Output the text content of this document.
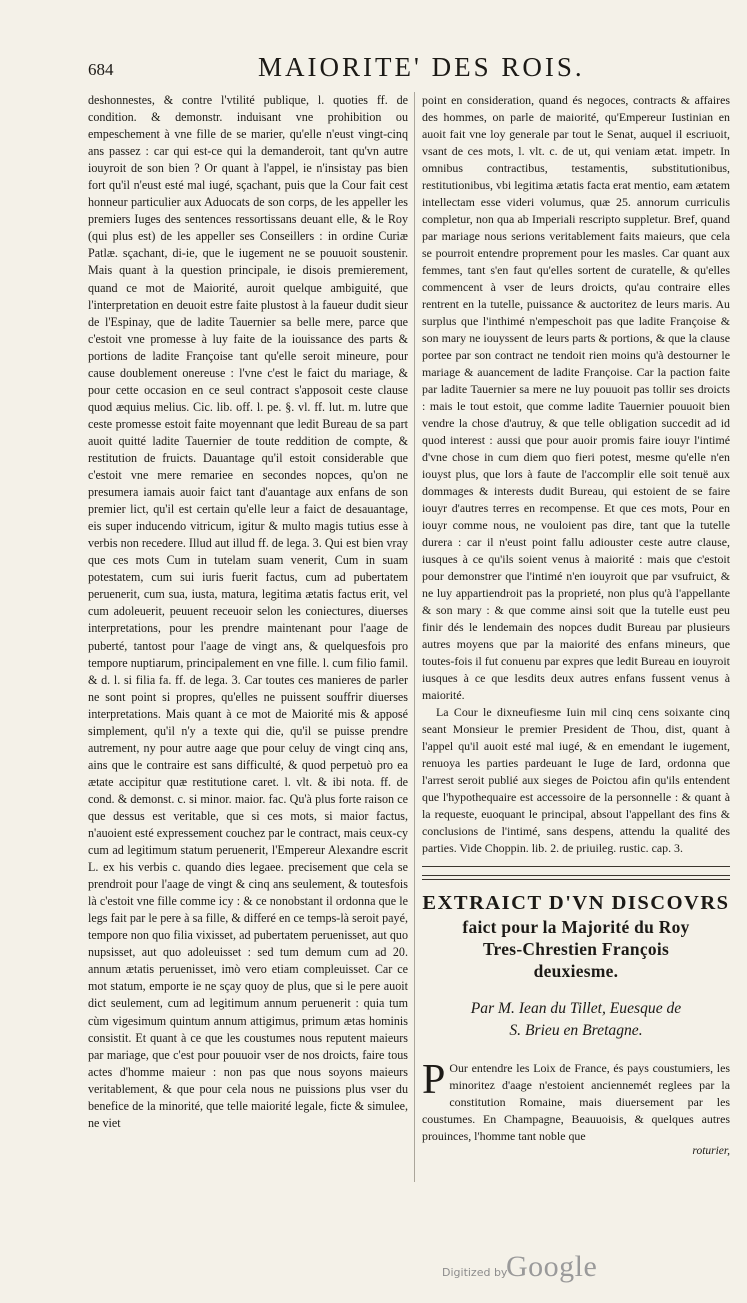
684	MAIORITE' DES ROIS.

deshonnestes, & contre l'vtilité publique, l. quoties ff. de condition. & demonstr. induisant vne prohibition ou empeschement à vne fille de se marier, qu'elle n'eust vingt-cinq ans passez : car qui est-ce qui la demanderoit, tant qu'vn autre iouyroit de son bien ? Or quant à l'appel, ie n'insistay pas bien fort qu'il n'eust esté mal iugé, sçachant, puis que la Cour fait cest honneur particulier aux Aduocats de son corps, de les appeller les premiers Iuges des sentences ressortissans deuant elle, & le Roy (qui plus est) de les appeller ses Conseillers : in ordine Curiæ Patlæ. sçachant, di-ie, que le iugement ne se pouuoit soustenir. Mais quant à la question principale, ie disois premierement, quand ce mot de Maiorité, auroit quelque ambiguité, que l'interpretation en deuoit estre faite plustost à la faueur dudit sieur de l'Espinay, que de ladite Tauernier sa belle mere, parce que c'estoit vne promesse à luy faite de la iouissance des parts & portions de ladite Françoise tant qu'elle seroit mineure, pour cause doublement onereuse : l'vne c'est le faict du mariage, & pour cette occasion en ce seul contract s'apposoit ceste clause quod æquius melius. Cic. lib. off. l. pe. §. vl. ff. lut. m. lutre que ceste promesse estoit faite moyennant que ledit Bureau de sa part auoit quitté ladite Tauernier de toute reddition de compte, & restitution de fruicts. Dauantage qu'il estoit considerable que c'estoit vne mere remariee en secondes nopces, qu'on ne presumera iamais auoir faict tant d'auantage aux enfans de son premier lict, qu'il est certain qu'elle leur a faict de desauantage, eis super inducendo vitricum, igitur & multo magis tutius esse à verbis non recedere. Illud aut illud ff. de lega. 3. Qui est bien vray que ces mots Cum in tutelam suam venerit, Cum in suam potestatem, cum sui iuris fuerit factus, cum ad pubertatem peruenerit, cum sua, iusta, matura, legitima ætatis factus erit, vel cum adoleuerit, peuuent receuoir selon les coniectures, diuerses interpretations, pour les prendre maintenant pour l'aage de puberté, tantost pour l'aage de vingt ans, & quelquesfois pro tempore nuptiarum, principalement en vne fille. l. cum filio famil. & d. l. si filia fa. ff. de lega. 3. Car toutes ces manieres de parler ne sont point si propres, qu'elles ne puissent souffrir diuerses interpretations. Mais quant à ce mot de Maiorité mis & apposé simplement, qu'il n'y a texte qui die, qu'il se puisse prendre autrement, ny pour autre aage que pour celuy de vingt cinq ans, ains que le contraire est sans difficulté, & quod perpetuò pro ea ætate accipitur quæ restitutione caret. l. vlt. & ibi nota. ff. de cond. & demonst. c. si minor. maior. fac. Qu'à plus forte raison ce que dessus est veritable, que si ces mots, si maior factus, n'auoient esté expressement couchez par le contract, mais ceux-cy cum ad legitimum statum peruenerit, l'Empereur Alexandre escrit L. ex his verbis c. quando dies legaee. precisement que cela se prendroit pour l'aage de vingt & cinq ans seulement, & toutesfois là c'estoit vne fille comme icy : & ce nonobstant il ordonna que le legs fait par le pere à sa fille, & differé en ce temps-là seroit payé, tempore non quo filia vixisset, ad pubertatem peruenisset, aut quo nupsisset, aut quo adoleuisset : sed tum demum cum ad 20. annum ætatis peruenisset, imò vero etiam compleuisset. Car ce mot statum, emporte ie ne sçay quoy de plus, que si le pere auoit dict seulement, cum ad legitimum annum peruenerit : quia tum cùm vigesimum quintum annum attigimus, primum ætas hominis consistit. Et quant à ce que les coustumes nous reputent maieurs par mariage, que c'est pour pouuoir vser de nos droicts, faire tous actes d'homme maieur : non pas que nous soyons maieurs veritablement, & que pour cela nous ne puissions plus vser du benefice de la minorité, que telle maiorité legale, ficte & simulee, ne viet

point en consideration, quand és negoces, contracts & affaires des hommes, on parle de maiorité, qu'Empereur Iustinian en auoit fait vne loy generale par tout le Senat, auquel il escriuoit, vsant de ces mots, l. vlt. c. de ut, qui veniam ætat. impetr. In omnibus contractibus, testamentis, substitutionibus, restitutionibus, vbi legitima ætatis facta erat mentio, eam ætatem intellectam esse videri volumus, quæ 25. annorum curriculis completur, non qua ab Imperiali rescripto suppletur. Bref, quand par mariage nous serions veritablement faits maieurs, que cela se pourroit entendre proprement pour les masles. Car quant aux femmes, tant s'en faut qu'elles sortent de curatelle, & qu'elles commencent à vser de leurs droicts, qu'au contraire elles rentrent en la tutelle, puissance & auctoritez de leurs maris. Au surplus que l'inthimé n'empeschoit pas que ladite Françoise & son mary ne iouyssent de leurs parts & portions, & que la clause portee par son contract ne tendoit rien moins qu'à destourner le mariage & auancement de ladite Françoise. Car la paction faite par ladite Tauernier sa mere ne luy pouuoit pas tollir ses droicts : mais le tout estoit, que comme ladite Tauernier pouuoit bien vendre la chose d'autruy, & que telle obligation succedit ad id quod interest : aussi que pour auoir promis faire iouyr l'intimé d'vne chose in cum diem quo fieri potest, mesme qu'elle n'en iouyst plus, que lors à faute de l'accomplir elle soit tenuë aux dommages & interests dudit Bureau, qui estoient de se faire iouyr d'autres terres en recompense. Et que ces mots, Pour en iouyr comme nous, ne vouloient pas dire, tant que la tutelle durera : car il n'eust point fallu adiouster ceste autre clause, iusques à ce qu'ils soient venus à maiorité : mais que c'estoit pour demonstrer que l'intimé n'en iouyroit que par vsufruict, & ne luy appartiendroit pas la proprieté, non plus qu'à l'appellante & son mary : & que comme ainsi soit que la tutelle eust peu finir dés le lendemain des nopces dudit Bureau par plusieurs autres moyens que par la maiorité des enfans mineurs, que toutes-fois il fut conuenu par expres que ledit Bureau en iouyroit iusques à ce que lesdits deux autres enfans fussent venus à maiorité.

La Cour le dixneufiesme Iuin mil cinq cens soixante cinq seant Monsieur le premier President de Thou, dist, quant à l'appel qu'il auoit esté mal iugé, & en emendant le iugement, renuoya les parties pardeuant le Iuge de Iard, ordonna que l'arrest seroit publié aux sieges de Poictou afin qu'ils entendent que l'hypothequaire est accessoire de la personnelle : & quant à la requeste, euoquant le principal, absout l'appellant des fins & conclusions de l'intimé, sans despens, attendu la qualité des parties. Vide Choppin. lib. 2. de priuileg. rustic. cap. 3.

EXTRAICT D'VN DISCOVRS
faict pour la Majorité du Roy
Tres-Chrestien François
deuxiesme.
Par M. Iean du Tillet, Euesque de
S. Brieu en Bretagne.

P Our entendre les Loix de France, és pays coustumiers, les minoritez d'aage n'estoient anciennemét reglees par la constitution Romaine, mais diuersement par les coustumes. En Champagne, Beauuoisis, & quelques autres prouinces, l'homme tant noble que

roturier,
Digitized by
Google
